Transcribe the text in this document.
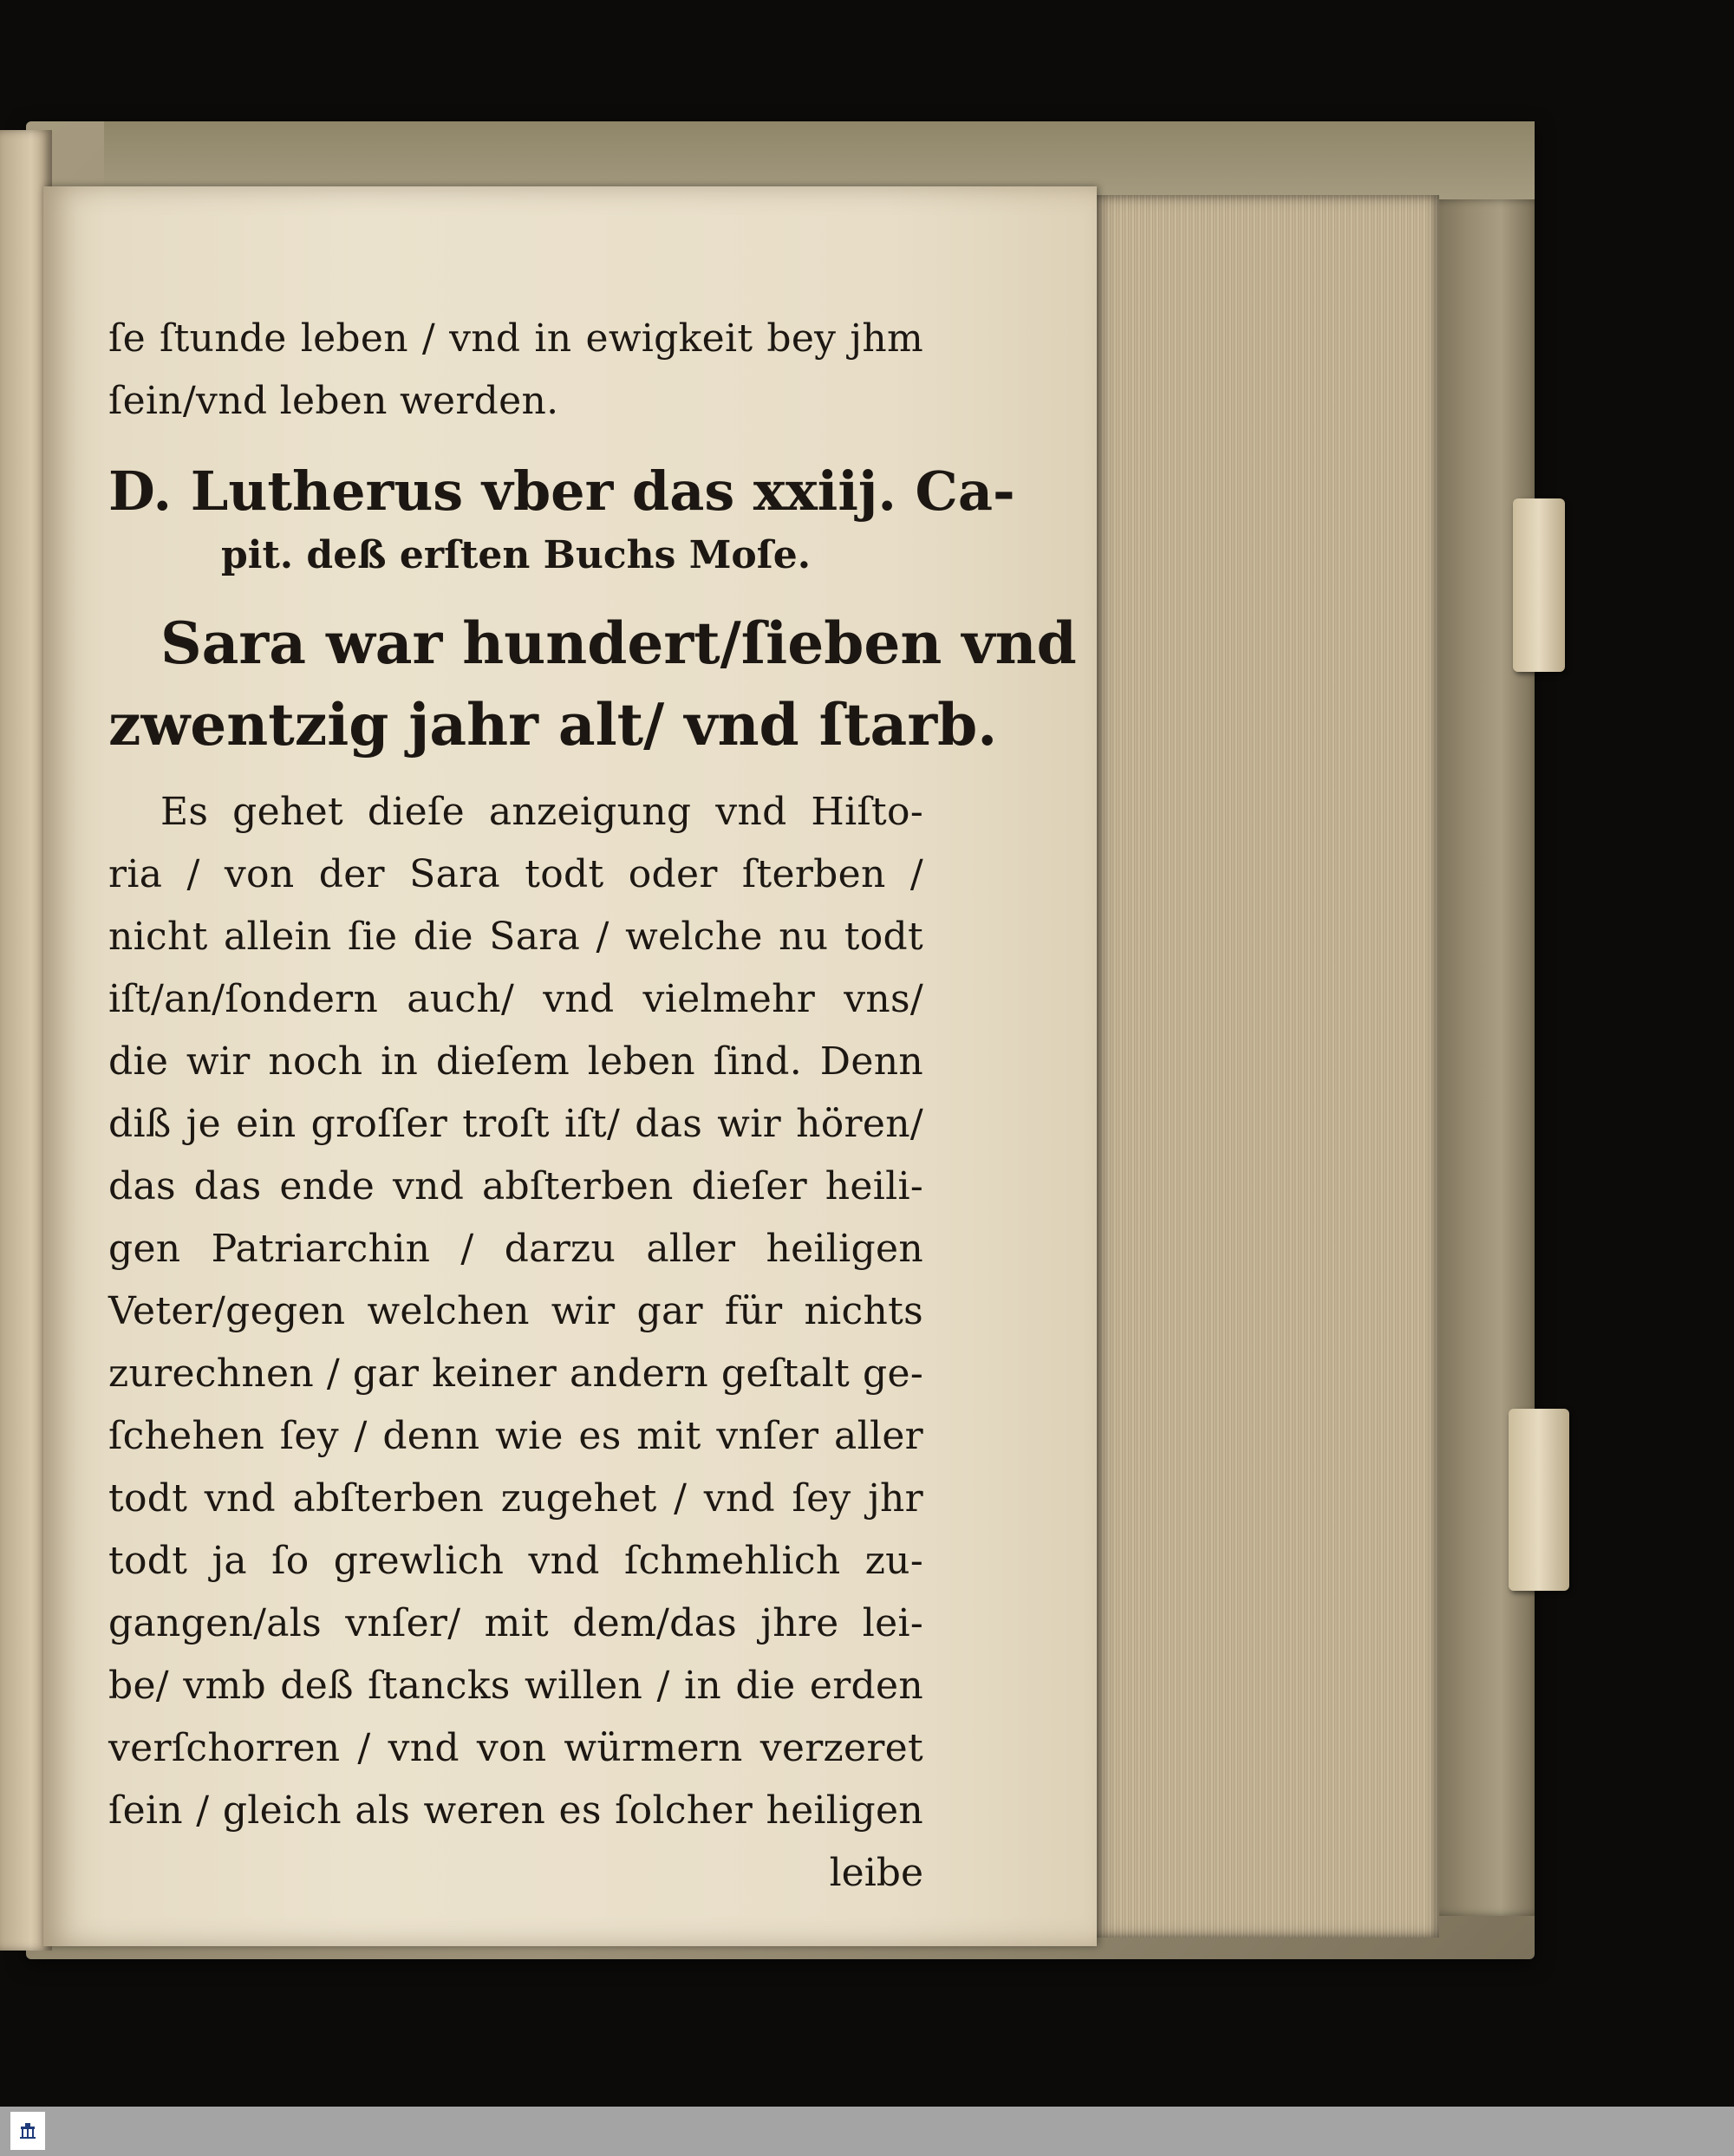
ſe ſtunde leben / vnd in ewigkeit bey jhm
ſein/vnd leben werden.
D. Lutherus vber das xxiij. Ca-
pit. deß erſten Buchs Moſe.
Sara war hundert/ſieben vnd
zwentzig jahr alt/ vnd ſtarb.
Es gehet dieſe anzeigung vnd Hiſto-
ria / von der Sara todt oder ſterben /
nicht allein ſie die Sara / welche nu todt
iſt/an/ſondern auch/ vnd vielmehr vns/
die wir noch in dieſem leben ſind. Denn
diß je ein groſſer troſt iſt/ das wir hören/
das das ende vnd abſterben dieſer heili-
gen Patriarchin / darzu aller heiligen
Veter/gegen welchen wir gar für nichts
zurechnen / gar keiner andern geſtalt ge-
ſchehen ſey / denn wie es mit vnſer aller
todt vnd abſterben zugehet / vnd ſey jhr
todt ja ſo grewlich vnd ſchmehlich zu-
gangen/als vnſer/ mit dem/das jhre lei-
be/ vmb deß ſtancks willen / in die erden
verſchorren / vnd von würmern verzeret
ſein / gleich als weren es ſolcher heiligen
leibe
